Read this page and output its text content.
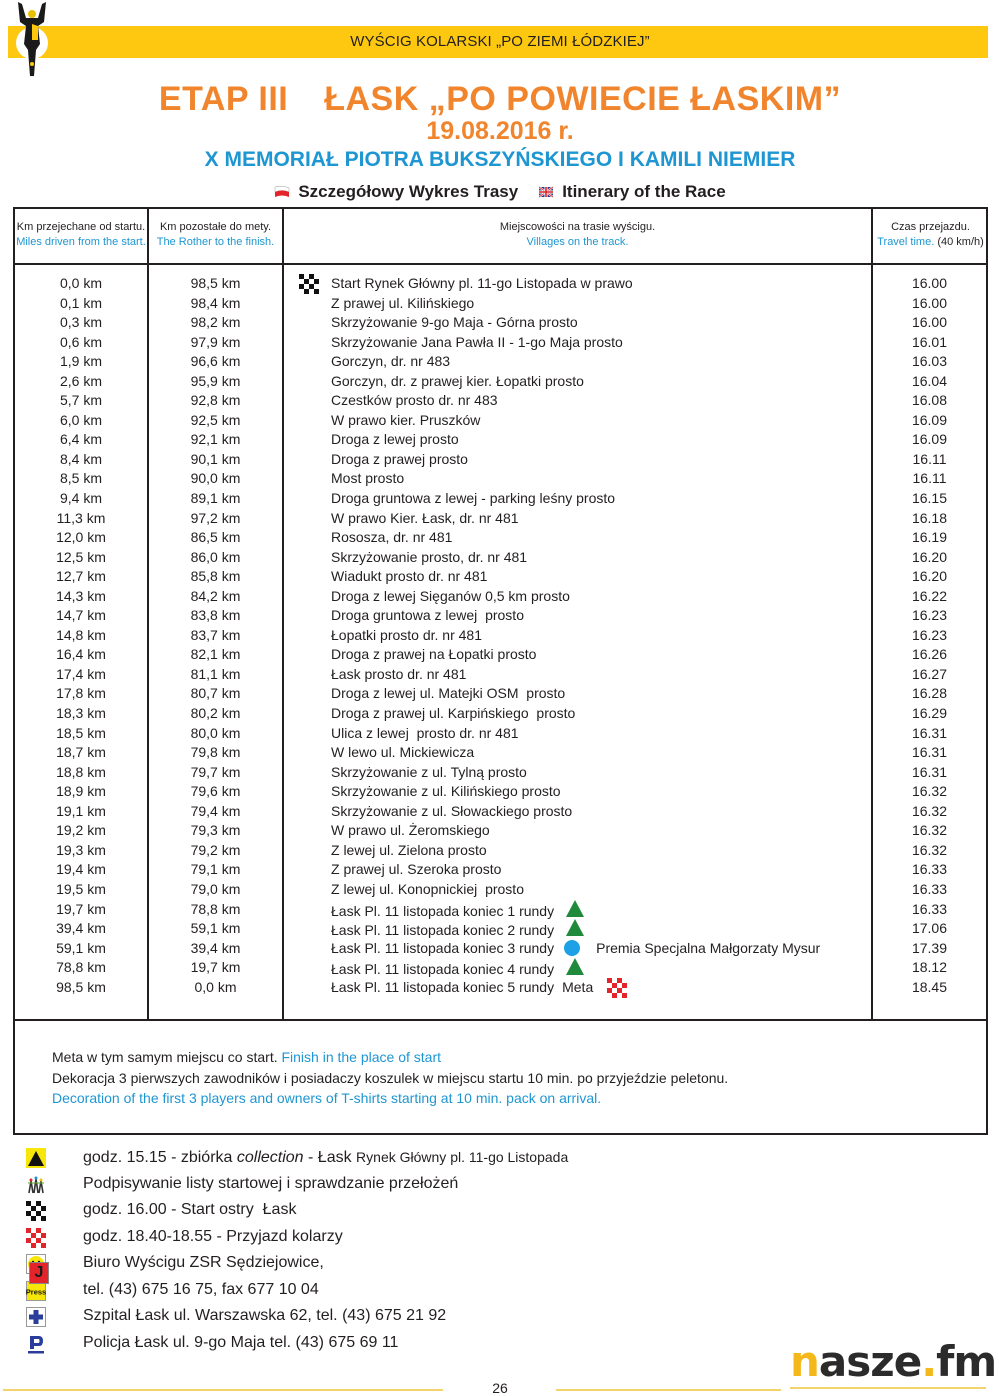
WYŚCIG KOLARSKI „PO ZIEMI ŁÓDZKIEJ”
ETAP III ŁASK „PO POWIECIE ŁASKIM”
19.08.2016 r.
X MEMORIAŁ PIOTRA BUKSZYŃSKIEGO I KAMILI NIEMIER
Szczegółowy Wykres Trasy	Itinerary of the Race
Km przejechane od startu.
Miles driven from the start.
Km pozostałe do mety.
The Rother to the finish.
Miejscowości na trasie wyścigu.
Villages on the track.
Czas przejazdu.
Travel time. (40 km/h)
0,0 km	98,5 km	Start Rynek Główny pl. 11-go Listopada w prawo	16.00
0,1 km	98,4 km	Z prawej ul. Kilińskiego	16.00
0,3 km	98,2 km	Skrzyżowanie 9-go Maja - Górna prosto	16.00
0,6 km	97,9 km	Skrzyżowanie Jana Pawła II - 1-go Maja prosto	16.01
1,9 km	96,6 km	Gorczyn, dr. nr 483	16.03
2,6 km	95,9 km	Gorczyn, dr. z prawej kier. Łopatki prosto	16.04
5,7 km	92,8 km	Czestków prosto dr. nr 483	16.08
6,0 km	92,5 km	W prawo kier. Pruszków	16.09
6,4 km	92,1 km	Droga z lewej prosto	16.09
8,4 km	90,1 km	Droga z prawej prosto	16.11
8,5 km	90,0 km	Most prosto	16.11
9,4 km	89,1 km	Droga gruntowa z lewej - parking leśny prosto	16.15
11,3 km	97,2 km	W prawo Kier. Łask, dr. nr 481	16.18
12,0 km	86,5 km	Rososza, dr. nr 481	16.19
12,5 km	86,0 km	Skrzyżowanie prosto, dr. nr 481	16.20
12,7 km	85,8 km	Wiadukt prosto dr. nr 481	16.20
14,3 km	84,2 km	Droga z lewej Sięganów 0,5 km prosto	16.22
14,7 km	83,8 km	Droga gruntowa z lewej  prosto	16.23
14,8 km	83,7 km	Łopatki prosto dr. nr 481	16.23
16,4 km	82,1 km	Droga z prawej na Łopatki prosto	16.26
17,4 km	81,1 km	Łask prosto dr. nr 481	16.27
17,8 km	80,7 km	Droga z lewej ul. Matejki OSM  prosto	16.28
18,3 km	80,2 km	Droga z prawej ul. Karpińskiego  prosto	16.29
18,5 km	80,0 km	Ulica z lewej  prosto dr. nr 481	16.31
18,7 km	79,8 km	W lewo ul. Mickiewicza	16.31
18,8 km	79,7 km	Skrzyżowanie z ul. Tylną prosto	16.31
18,9 km	79,6 km	Skrzyżowanie z ul. Kilińskiego prosto	16.32
19,1 km	79,4 km	Skrzyżowanie z ul. Słowackiego prosto	16.32
19,2 km	79,3 km	W prawo ul. Żeromskiego	16.32
19,3 km	79,2 km	Z lewej ul. Zielona prosto	16.32
19,4 km	79,1 km	Z prawej ul. Szeroka prosto	16.33
19,5 km	79,0 km	Z lewej ul. Konopnickiej  prosto	16.33
19,7 km	78,8 km	Łask Pl. 11 listopada koniec 1 rundy	16.33
39,4 km	59,1 km	Łask Pl. 11 listopada koniec 2 rundy	17.06
59,1 km	39,4 km	Łask Pl. 11 listopada koniec 3 rundy	Premia Specjalna Małgorzaty Mysur	17.39
78,8 km	19,7 km	Łask Pl. 11 listopada koniec 4 rundy	18.12
98,5 km	0,0 km	Łask Pl. 11 listopada koniec 5 rundy Meta	18.45
Meta w tym samym miejscu co start. Finish in the place of start
Dekoracja 3 pierwszych zawodników i posiadaczy koszulek w miejscu startu 10 min. po przyjeździe peletonu.
Decoration of the first 3 players and owners of T-shirts starting at 10 min. pack on arrival.
godz. 15.15 - zbiórka collection - Łask Rynek Główny pl. 11-go Listopada
Podpisywanie listy startowej i sprawdzanie przełożeń
godz. 16.00 - Start ostry  Łask
godz. 18.40-18.55 - Przyjazd kolarzy
Biuro Wyścigu ZSR Sędziejowice,
Press tel. (43) 675 16 75, fax 677 10 04
Szpital Łask ul. Warszawska 62, tel. (43) 675 21 92
Policja Łask ul. 9-go Maja tel. (43) 675 69 11
J
26
nasze.fm
